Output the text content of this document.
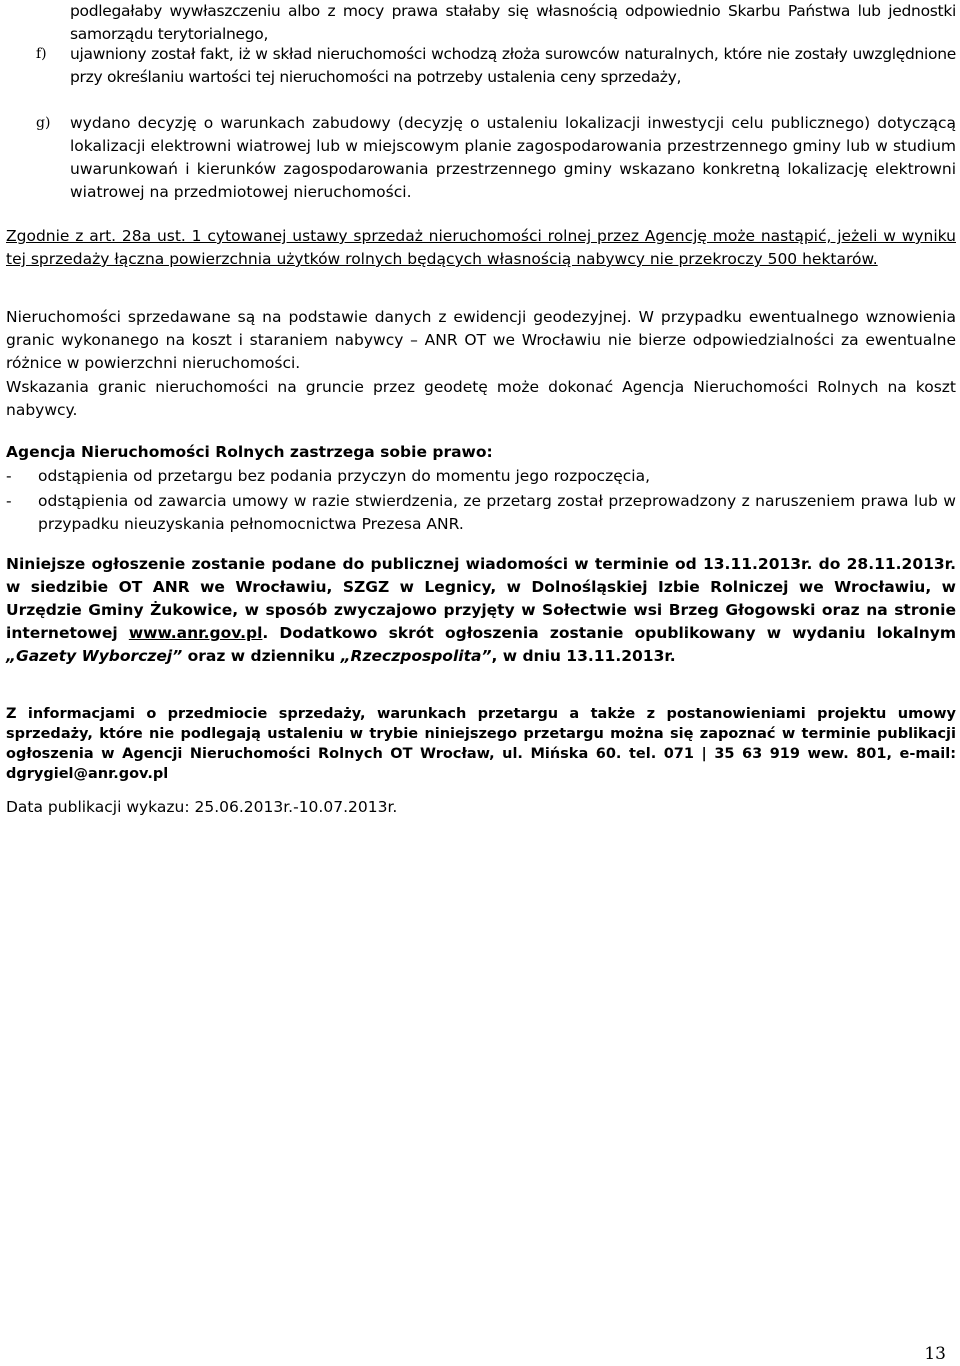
podlegałaby wywłaszczeniu albo z mocy prawa stałaby się własnością odpowiednio Skarbu Państwa lub jednostki samorządu terytorialnego,
f) ujawniony został fakt, iż w skład nieruchomości wchodzą złoża surowców naturalnych, które nie zostały uwzględnione przy określaniu wartości tej nieruchomości na potrzeby ustalenia ceny sprzedaży,
g) wydano decyzję o warunkach zabudowy (decyzję o ustaleniu lokalizacji inwestycji celu publicznego) dotyczącą lokalizacji elektrowni wiatrowej lub w miejscowym planie zagospodarowania przestrzennego gminy lub w studium uwarunkowań i kierunków zagospodarowania przestrzennego gminy wskazano konkretną lokalizację elektrowni wiatrowej na przedmiotowej nieruchomości.
Zgodnie z art. 28a ust. 1 cytowanej ustawy sprzedaż nieruchomości rolnej przez Agencję może nastąpić, jeżeli w wyniku tej sprzedaży łączna powierzchnia użytków rolnych będących własnością nabywcy nie przekroczy 500 hektarów.
Nieruchomości sprzedawane są na podstawie danych z ewidencji geodezyjnej. W przypadku ewentualnego wznowienia granic wykonanego na koszt i staraniem nabywcy – ANR OT we Wrocławiu nie bierze odpowiedzialności za ewentualne różnice w powierzchni nieruchomości.
Wskazania granic nieruchomości na gruncie przez geodetę może dokonać Agencja Nieruchomości Rolnych na koszt nabywcy.
Agencja Nieruchomości Rolnych zastrzega sobie prawo:
- odstąpienia od przetargu bez podania przyczyn do momentu jego rozpoczęcia,
- odstąpienia od zawarcia umowy w razie stwierdzenia, ze przetarg został przeprowadzony z naruszeniem prawa lub w przypadku nieuzyskania pełnomocnictwa Prezesa ANR.
Niniejsze ogłoszenie zostanie podane do publicznej wiadomości w terminie od 13.11.2013r. do 28.11.2013r. w siedzibie OT ANR we Wrocławiu, SZGZ w Legnicy, w Dolnośląskiej Izbie Rolniczej we Wrocławiu, w Urzędzie Gminy Żukowice, w sposób zwyczajowo przyjęty w Sołectwie wsi Brzeg Głogowski oraz na stronie internetowej www.anr.gov.pl. Dodatkowo skrót ogłoszenia zostanie opublikowany w wydaniu lokalnym „Gazety Wyborczej” oraz w dzienniku „Rzeczpospolita”, w dniu 13.11.2013r.
Z informacjami o przedmiocie sprzedaży, warunkach przetargu a także z postanowieniami projektu umowy sprzedaży, które nie podlegają ustaleniu w trybie niniejszego przetargu można się zapoznać w terminie publikacji ogłoszenia w Agencji Nieruchomości Rolnych OT Wrocław, ul. Mińska 60. tel. 071 | 35 63 919 wew. 801, e-mail: dgrygiel@anr.gov.pl
Data publikacji wykazu: 25.06.2013r.-10.07.2013r.
13
